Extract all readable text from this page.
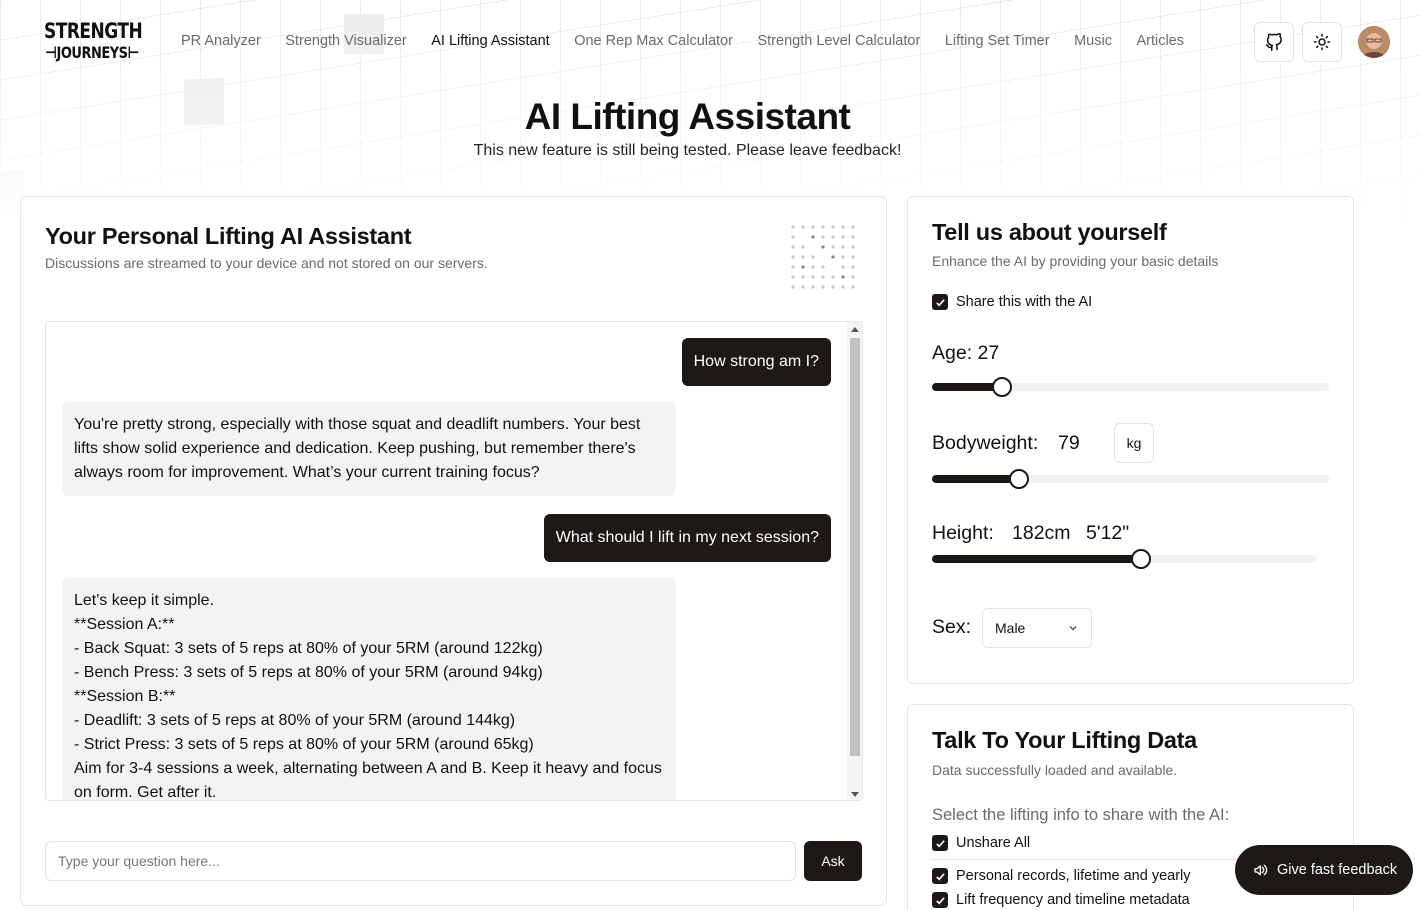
STRENGTH
⊣JOURNEYS⊢
PR Analyzer Strength Visualizer AI Lifting Assistant One Rep Max Calculator Strength Level Calculator Lifting Set Timer Music Articles
AI Lifting Assistant

This new feature is still being tested. Please leave feedback!

Your Personal Lifting AI Assistant

Discussions are streamed to your device and not stored on our servers.

How strong am I?

You're pretty strong, especially with those squat and deadlift numbers. Your best lifts show solid experience and dedication. Keep pushing, but remember there's always room for improvement. What’s your current training focus?

What should I lift in my next session?

Let's keep it simple.
**Session A:**
- Back Squat: 3 sets of 5 reps at 80% of your 5RM (around 122kg)
- Bench Press: 3 sets of 5 reps at 80% of your 5RM (around 94kg)
**Session B:**
- Deadlift: 3 sets of 5 reps at 80% of your 5RM (around 144kg)
- Strict Press: 3 sets of 5 reps at 80% of your 5RM (around 65kg)
Aim for 3-4 sessions a week, alternating between A and B. Keep it heavy and focus on form. Get after it.

Type your question here...
Ask
Tell us about yourself

Enhance the AI by providing your basic details

Share this with the AI
Age: 27
Bodyweight: 79	kg
Height: 182cm 5'12"
Sex:	Male
Talk To Your Lifting Data

Data successfully loaded and available.

Select the lifting info to share with the AI:

Unshare All
Personal records, lifetime and yearly
Lift frequency and timeline metadata
Give fast feedback
